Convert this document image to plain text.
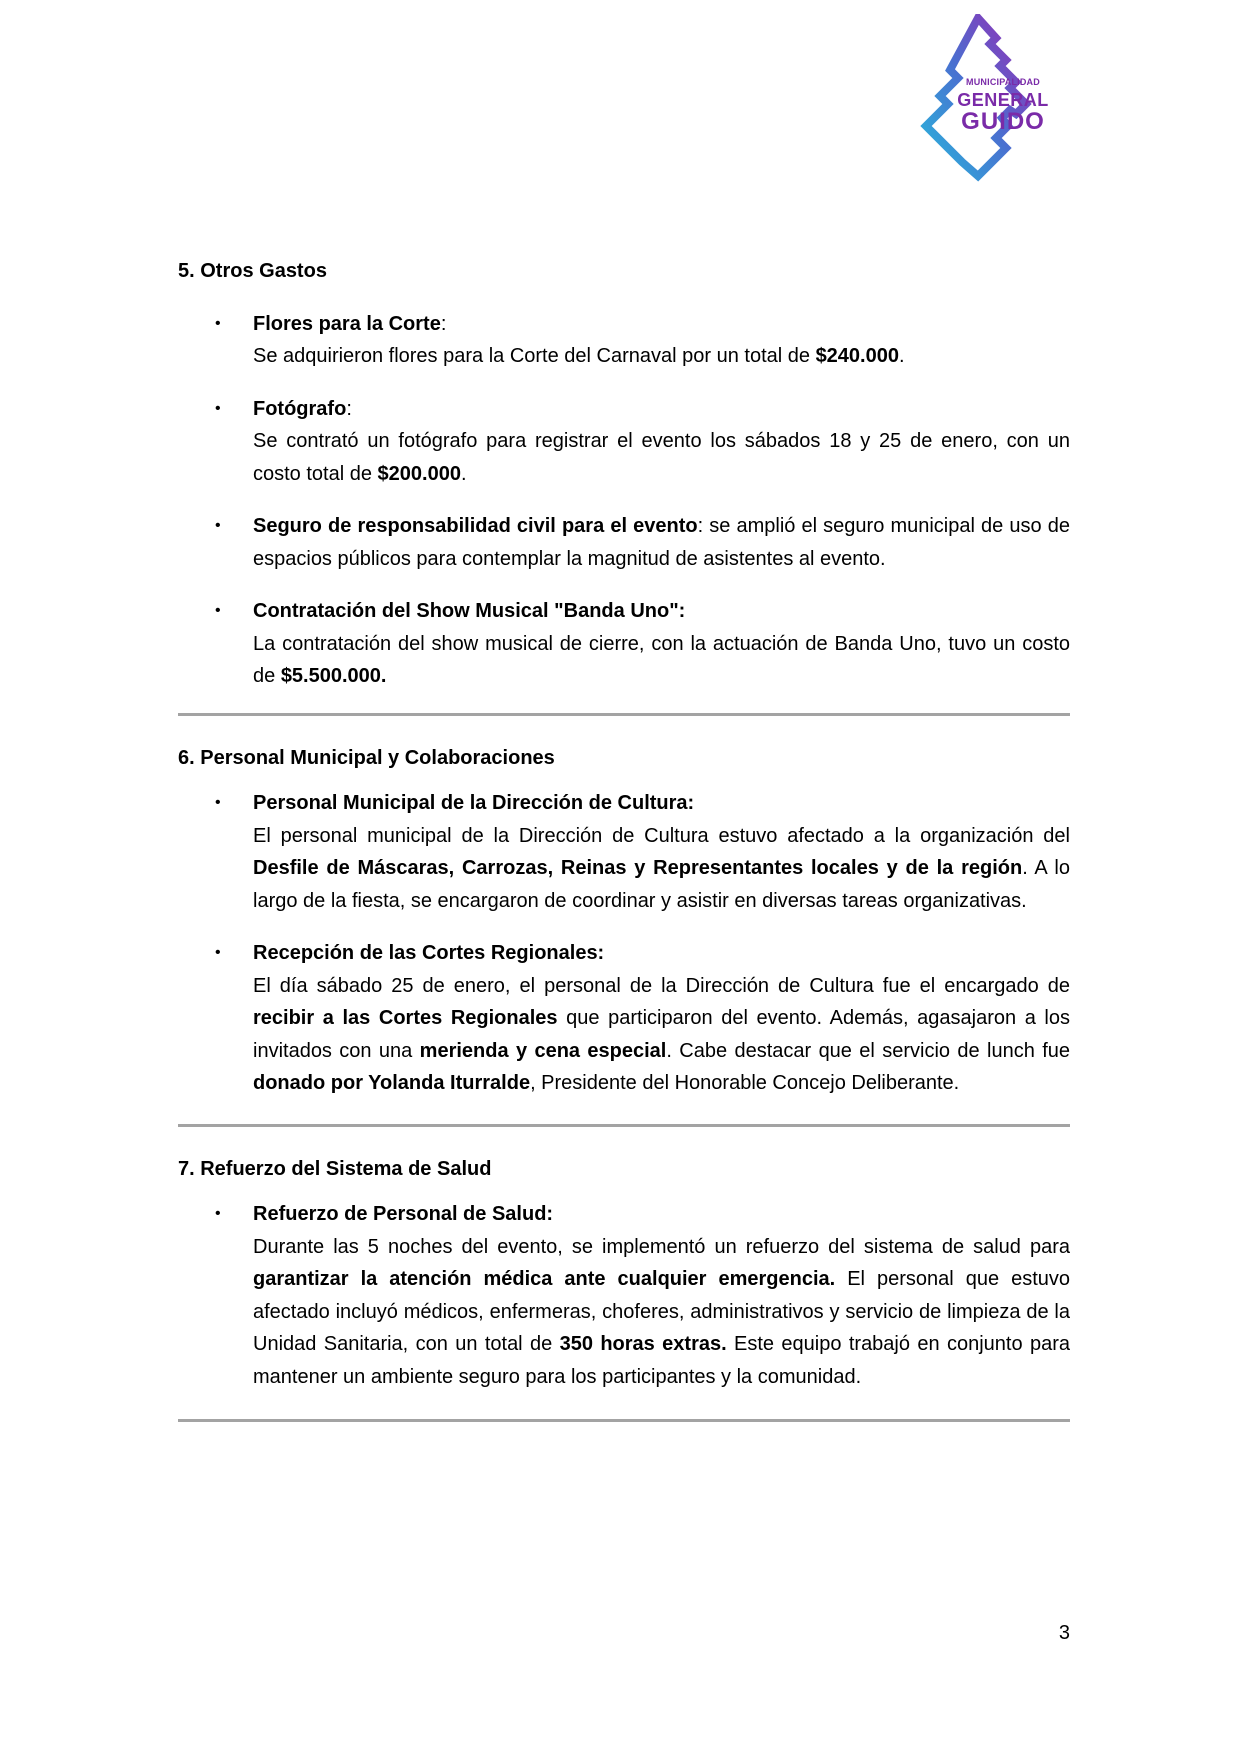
MUNICIPALIDAD
GENERAL
GUIDO

5. Otros Gastos

•	Flores para la Corte:
Se adquirieron flores para la Corte del Carnaval por un total de $240.000.
•	Fotógrafo:
Se contrató un fotógrafo para registrar el evento los sábados 18 y 25 de enero, con un costo total de $200.000.
•	Seguro de responsabilidad civil para el evento: se amplió el seguro municipal de uso de espacios públicos para contemplar la magnitud de asistentes al evento.
•	Contratación del Show Musical "Banda Uno":
La contratación del show musical de cierre, con la actuación de Banda Uno, tuvo un costo de $5.500.000.

6. Personal Municipal y Colaboraciones

•	Personal Municipal de la Dirección de Cultura:
El personal municipal de la Dirección de Cultura estuvo afectado a la organización del Desfile de Máscaras, Carrozas, Reinas y Representantes locales y de la región. A lo largo de la fiesta, se encargaron de coordinar y asistir en diversas tareas organizativas.
•	Recepción de las Cortes Regionales:
El día sábado 25 de enero, el personal de la Dirección de Cultura fue el encargado de recibir a las Cortes Regionales que participaron del evento. Además, agasajaron a los invitados con una merienda y cena especial. Cabe destacar que el servicio de lunch fue donado por Yolanda Iturralde, Presidente del Honorable Concejo Deliberante.

7. Refuerzo del Sistema de Salud

•	Refuerzo de Personal de Salud:
Durante las 5 noches del evento, se implementó un refuerzo del sistema de salud para garantizar la atención médica ante cualquier emergencia. El personal que estuvo afectado incluyó médicos, enfermeras, choferes, administrativos y servicio de limpieza de la Unidad Sanitaria, con un total de 350 horas extras. Este equipo trabajó en conjunto para mantener un ambiente seguro para los participantes y la comunidad.
3
